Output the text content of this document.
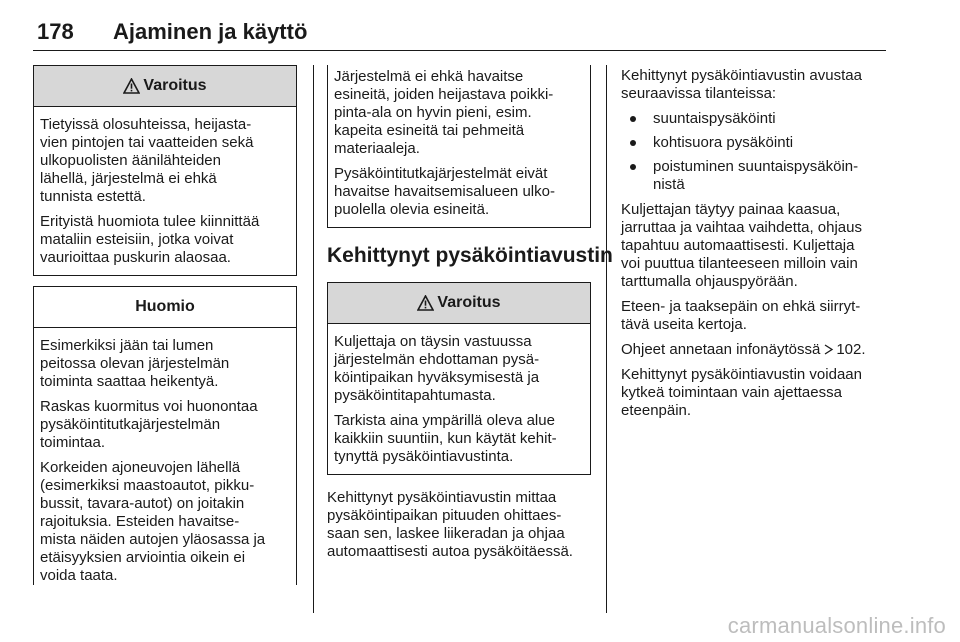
178 Ajaminen ja käyttö
Varoitus

Tietyissä olosuhteissa, heijasta-
vien pintojen tai vaatteiden sekä
ulkopuolisten äänilähteiden
lähellä, järjestelmä ei ehkä
tunnista estettä.

Erityistä huomiota tulee kiinnittää
mataliin esteisiin, jotka voivat
vaurioittaa puskurin alaosaa.

Huomio

Esimerkiksi jään tai lumen
peitossa olevan järjestelmän
toiminta saattaa heikentyä.

Raskas kuormitus voi huonontaa
pysäköintitutkajärjestelmän
toimintaa.

Korkeiden ajoneuvojen lähellä
(esimerkiksi maastoautot, pikku-
bussit, tavara-autot) on joitakin
rajoituksia. Esteiden havaitse-
mista näiden autojen yläosassa ja
etäisyyksien arviointia oikein ei
voida taata.

Järjestelmä ei ehkä havaitse
esineitä, joiden heijastava poikki-
pinta-ala on hyvin pieni, esim.
kapeita esineitä tai pehmeitä
materiaaleja.

Pysäköintitutkajärjestelmät eivät
havaitse havaitsemisalueen ulko-
puolella olevia esineitä.

Kehittynyt pysäköintiavustin
Varoitus

Kuljettaja on täysin vastuussa
järjestelmän ehdottaman pysä-
köintipaikan hyväksymisestä ja
pysäköintitapahtumasta.

Tarkista aina ympärillä oleva alue
kaikkiin suuntiin, kun käytät kehit-
tynyttä pysäköintiavustinta.

Kehittynyt pysäköintiavustin mittaa
pysäköintipaikan pituuden ohittaes-
saan sen, laskee liikeradan ja ohjaa
automaattisesti autoa pysäköitäessä.

Kehittynyt pysäköintiavustin avustaa
seuraavissa tilanteissa:

suuntaispysäköinti
kohtisuora pysäköinti
poistuminen suuntaispysäköin-
nistä

Kuljettajan täytyy painaa kaasua,
jarruttaa ja vaihtaa vaihdetta, ohjaus
tapahtuu automaattisesti. Kuljettaja
voi puuttua tilanteeseen milloin vain
tarttumalla ohjauspyörään.

Eteen- ja taaksepäin on ehkä siirryt-
tävä useita kertoja.

Ohjeet annetaan infonäytössä 102.

Kehittynyt pysäköintiavustin voidaan
kytkeä toimintaan vain ajettaessa
eteenpäin.

carmanualsonline.info
